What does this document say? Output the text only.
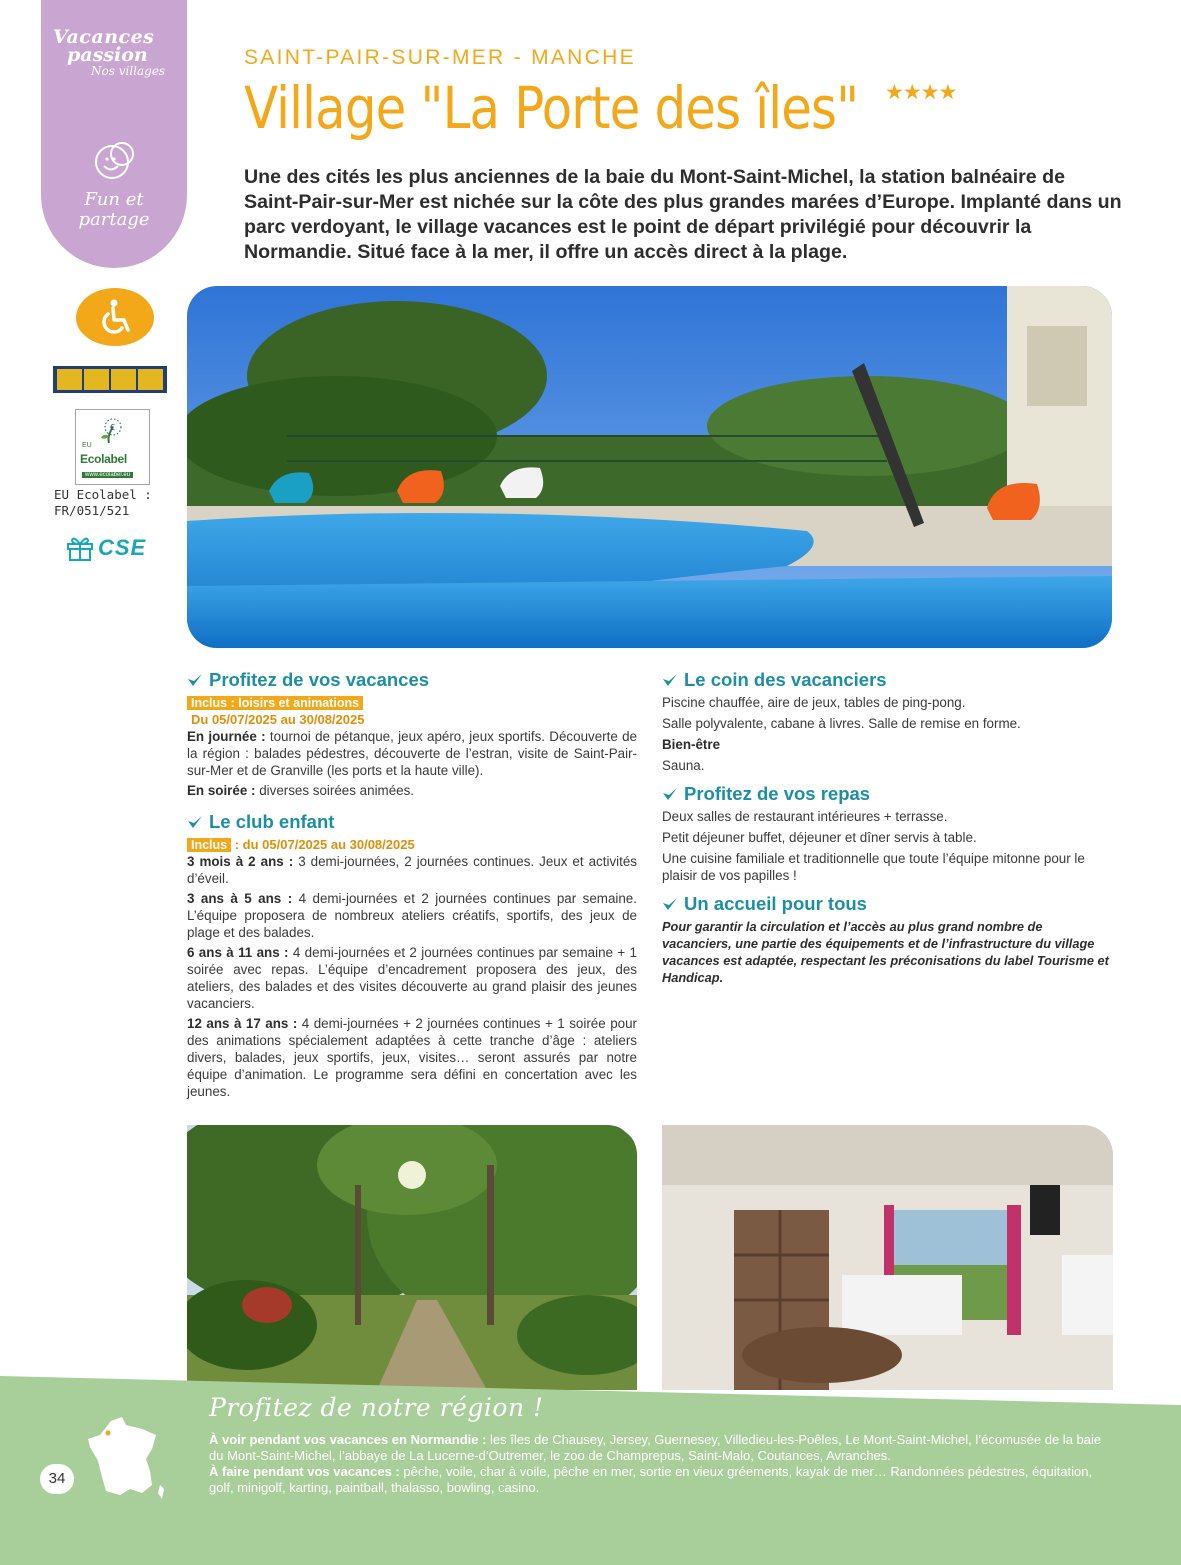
Vacances
passion
Nos villages
Fun et partage
€
EU
Ecolabel
www.ecolabel.eu
EU Ecolabel : FR/051/521
CSE
SAINT-PAIR-SUR-MER - MANCHE
Village "La Porte des îles" ★★★★
Une des cités les plus anciennes de la baie du Mont-Saint-Michel, la station balnéaire de Saint-Pair-sur-Mer est nichée sur la côte des plus grandes marées d’Europe. Implanté dans un parc verdoyant, le village vacances est le point de départ privilégié pour découvrir la Normandie. Situé face à la mer, il offre un accès direct à la plage.
Profitez de vos vacances
Inclus : loisirs et animations
Du 05/07/2025 au 30/08/2025
En journée : tournoi de pétanque, jeux apéro, jeux sportifs. Découverte de la région : balades pédestres, découverte de l’estran, visite de Saint-Pair-sur-Mer et de Granville (les ports et la haute ville).
En soirée : diverses soirées animées.
Le club enfant
Inclus : du 05/07/2025 au 30/08/2025
3 mois à 2 ans : 3 demi-journées, 2 journées continues. Jeux et activités d’éveil.
3 ans à 5 ans : 4 demi-journées et 2 journées continues par semaine. L’équipe proposera de nombreux ateliers créatifs, sportifs, des jeux de plage et des balades.
6 ans à 11 ans : 4 demi-journées et 2 journées continues par semaine + 1 soirée avec repas. L’équipe d’encadrement proposera des jeux, des ateliers, des balades et des visites découverte au grand plaisir des jeunes vacanciers.
12 ans à 17 ans : 4 demi-journées + 2 journées continues + 1 soirée pour des animations spécialement adaptées à cette tranche d’âge : ateliers divers, balades, jeux sportifs, jeux, visites… seront assurés par notre équipe d’animation. Le programme sera défini en concertation avec les jeunes.
Le coin des vacanciers
Piscine chauffée, aire de jeux, tables de ping-pong.
Salle polyvalente, cabane à livres. Salle de remise en forme.
Bien-être
Sauna.
Profitez de vos repas
Deux salles de restaurant intérieures + terrasse.
Petit déjeuner buffet, déjeuner et dîner servis à table.
Une cuisine familiale et traditionnelle que toute l’équipe mitonne pour le plaisir de vos papilles !
Un accueil pour tous
Pour garantir la circulation et l’accès au plus grand nombre de vacanciers, une partie des équipements et de l’infrastructure du village vacances est adaptée, respectant les préconisations du label Tourisme et Handicap.
Profitez de notre région !
À voir pendant vos vacances en Normandie : les îles de Chausey, Jersey, Guernesey, Villedieu-les-Poêles, Le Mont-Saint-Michel, l’écomusée de la baie du Mont-Saint-Michel, l’abbaye de La Lucerne-d’Outremer, le zoo de Champrepus, Saint-Malo, Coutances, Avranches.
À faire pendant vos vacances : pêche, voile, char à voile, pêche en mer, sortie en vieux gréements, kayak de mer… Randonnées pédestres, équitation, golf, minigolf, karting, paintball, thalasso, bowling, casino.
34
